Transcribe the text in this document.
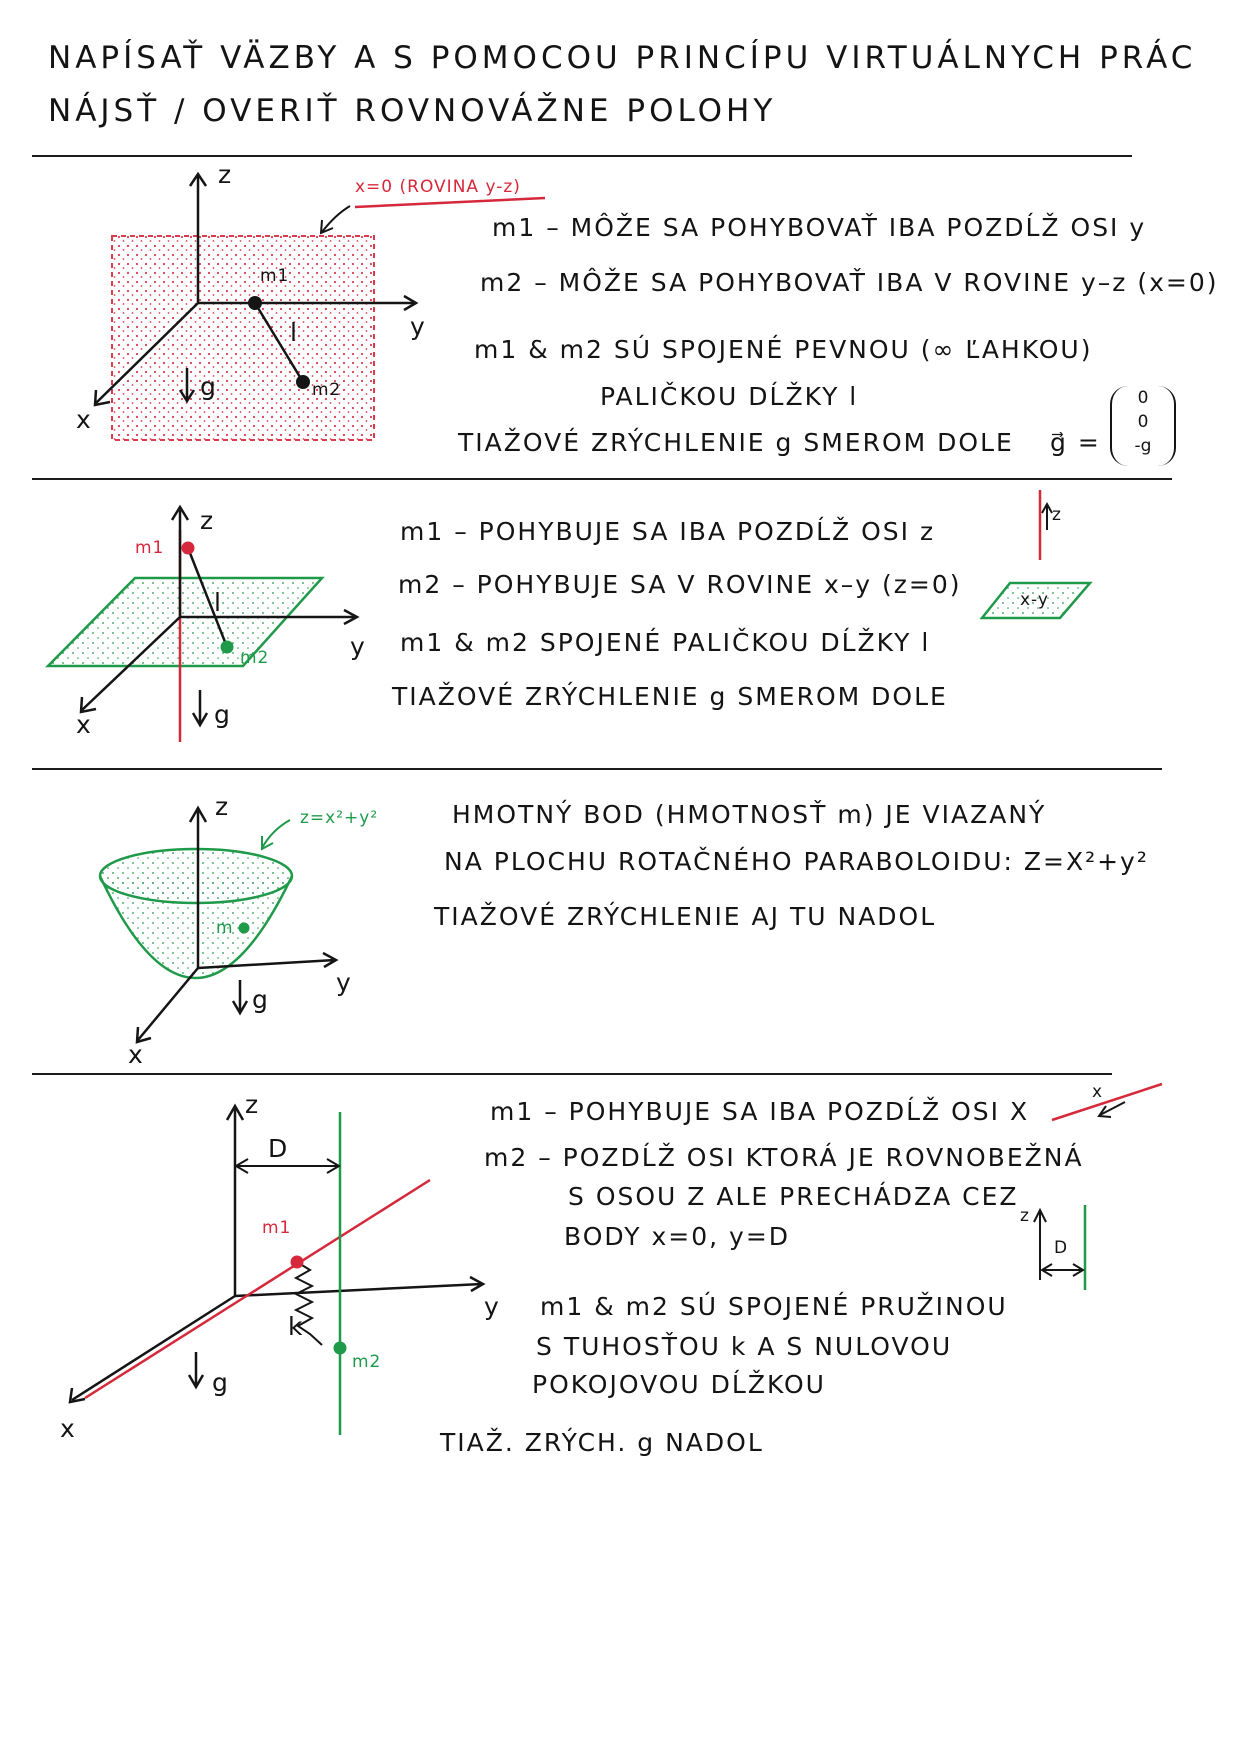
NAPÍSAŤ VÄZBY A S POMOCOU PRINCÍPU VIRTUÁLNYCH PRÁC
NÁJSŤ / OVERIŤ ROVNOVÁŽNE POLOHY
z
y
x
x=0 (ROVINA y-z)
m1
m2
l
g
m1 – MÔŽE SA POHYBOVAŤ IBA POZDĹŽ OSI y
m2 – MÔŽE SA POHYBOVAŤ IBA V ROVINE y–z (x=0)
m1 & m2 SÚ SPOJENÉ PEVNOU (∞ ĽAHKOU)
PALIČKOU DĹŽKY l
TIAŽOVÉ ZRÝCHLENIE g SMEROM DOLE g⃗ =
0
0
-g
z
y
x
m1
m2
l
g
m1 – POHYBUJE SA IBA POZDĹŽ OSI z
m2 – POHYBUJE SA V ROVINE x–y (z=0)
m1 & m2 SPOJENÉ PALIČKOU DĹŽKY l
TIAŽOVÉ ZRÝCHLENIE g SMEROM DOLE
z
x-y
z
y
x
z=x²+y²
m
g
HMOTNÝ BOD (HMOTNOSŤ m) JE VIAZANÝ
NA PLOCHU ROTAČNÉHO PARABOLOIDU: Z=X²+y²
TIAŽOVÉ ZRÝCHLENIE AJ TU NADOL
z
y
x
D
m1
m2
k
g
m1 – POHYBUJE SA IBA POZDĹŽ OSI X
m2 – POZDĹŽ OSI KTORÁ JE ROVNOBEŽNÁ
S OSOU Z ALE PRECHÁDZA CEZ
BODY x=0, y=D
m1 & m2 SÚ SPOJENÉ PRUŽINOU
S TUHOSŤOU k A S NULOVOU
POKOJOVOU DĹŽKOU
TIAŽ. ZRÝCH. g NADOL
x
z
D
